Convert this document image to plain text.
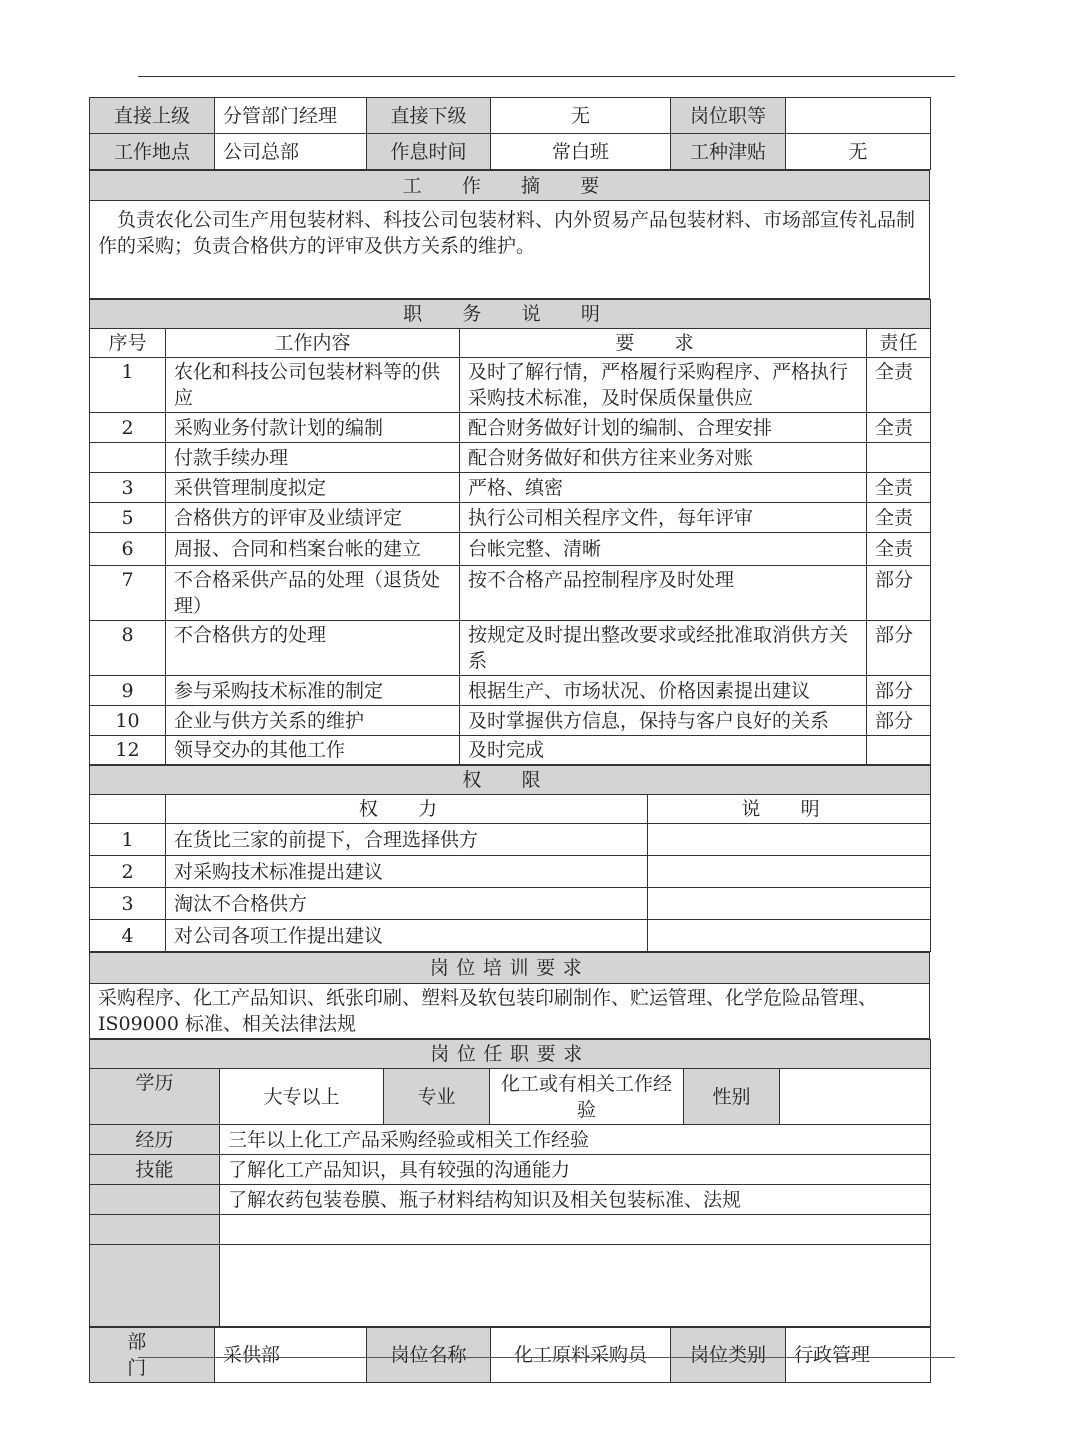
直接上级	分管部门经理	直接下级	无	岗位职等	
工作地点	公司总部	作息时间	常白班	工种津贴	无
工 作 摘 要
负责农化公司生产用包装材料、科技公司包装材料、内外贸易产品包装材料、市场部宣传礼品制作的采购；负责合格供方的评审及供方关系的维护。
职 务 说 明			
序号	工作内容	要 求	责任
1	农化和科技公司包装材料等的供应	及时了解行情，严格履行采购程序、严格执行采购技术标准，及时保质保量供应	全责
2	采购业务付款计划的编制	配合财务做好计划的编制、合理安排	全责
	付款手续办理	配合财务做好和供方往来业务对账	
3	采供管理制度拟定	严格、缜密	全责
5	合格供方的评审及业绩评定	执行公司相关程序文件，每年评审	全责
6	周报、合同和档案台帐的建立	台帐完整、清晰	全责
7	不合格采供产品的处理（退货处理）	按不合格产品控制程序及时处理	部分
8	不合格供方的处理	按规定及时提出整改要求或经批准取消供方关系	部分
9	参与采购技术标准的制定	根据生产、市场状况、价格因素提出建议	部分
10	企业与供方关系的维护	及时掌握供方信息，保持与客户良好的关系	部分
12	领导交办的其他工作	及时完成	
权 限		
	权 力	说 明
1	在货比三家的前提下，合理选择供方	
2	对采购技术标准提出建议	
3	淘汰不合格供方	
4	对公司各项工作提出建议	
岗位培训要求
采购程序、化工产品知识、纸张印刷、塑料及软包装印刷制作、贮运管理、化学危险品管理、IS09000 标准、相关法律法规
岗位任职要求					
学历	大专以上	专业	化工或有相关工作经验	性别	
经历	三年以上化工产品采购经验或相关工作经验				
技能	了解化工产品知识，具有较强的沟通能力				
	了解农药包装卷膜、瓶子材料结构知识及相关包装标准、法规				

部 门	采供部	岗位名称	化工原料采购员	岗位类别	行政管理
